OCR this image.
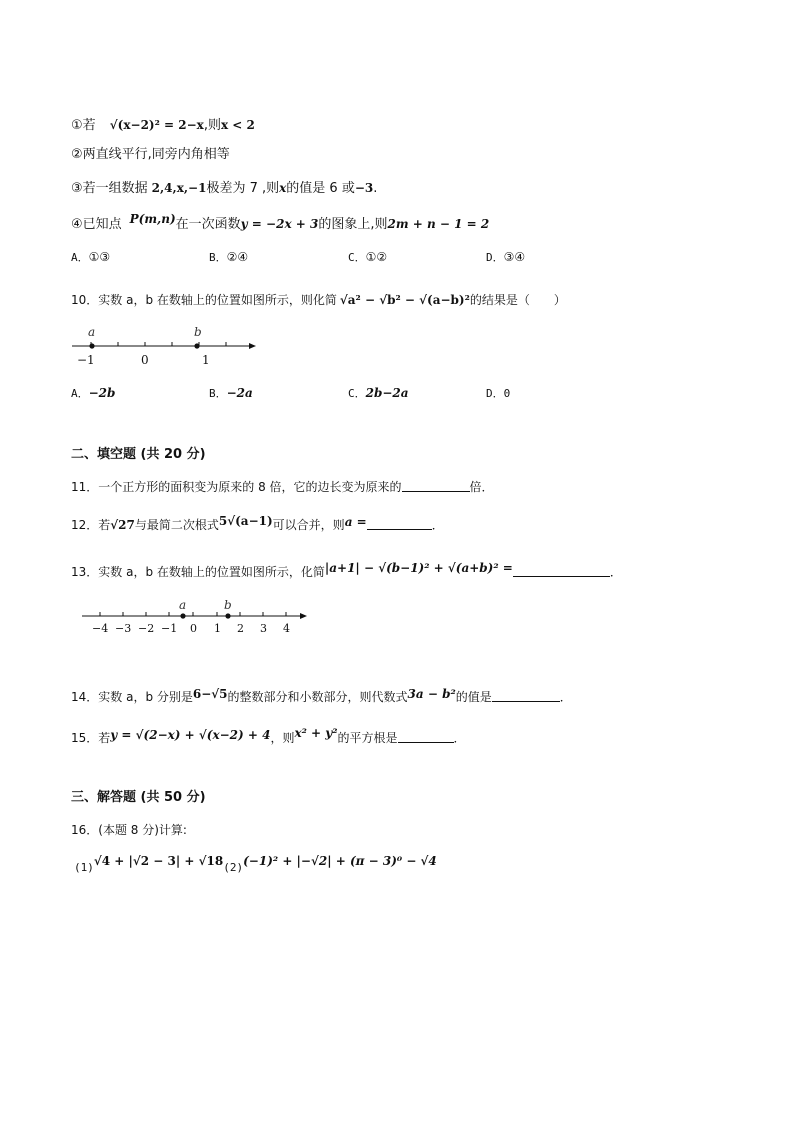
①若 √(x−2)² = 2−x,则x < 2
②两直线平行,同旁内角相等
③若一组数据 2,4,x,−1极差为 7 ,则x的值是 6 或−3.
④已知点 P(m,n)在一次函数y = −2x + 3的图象上,则2m + n − 1 = 2
A．①③	B．②④	C．①②	D．③④
10．实数 a，b 在数轴上的位置如图所示，则化简 √a² − √b² − √(a−b)²的结果是（　　）
a	b
−1	0	1
A．−2b	B．−2a	C．2b−2a	D．0
二、填空题 (共 20 分)
11．一个正方形的面积变为原来的 8 倍，它的边长变为原来的	倍．
12．若√27与最简二次根式5√(a−1)可以合并，则a =	．
13．实数 a，b 在数轴上的位置如图所示，化简|a+1| − √(b−1)² + √(a+b)² =	．
a	b
−4 −3 −2 −1 0 1 2 3 4
14．实数 a，b 分别是6−√5的整数部分和小数部分，则代数式3a − b²的值是	．
15．若y = √(2−x) + √(x−2) + 4，则x² + y²的平方根是	．
三、解答题 (共 50 分)
16．(本题 8 分)计算:
$_{(1)}√4 + |√2 - 3| + √18_{(2)}(-1)^2 + |-√2| + (\pi - 3)^0 - √4$
